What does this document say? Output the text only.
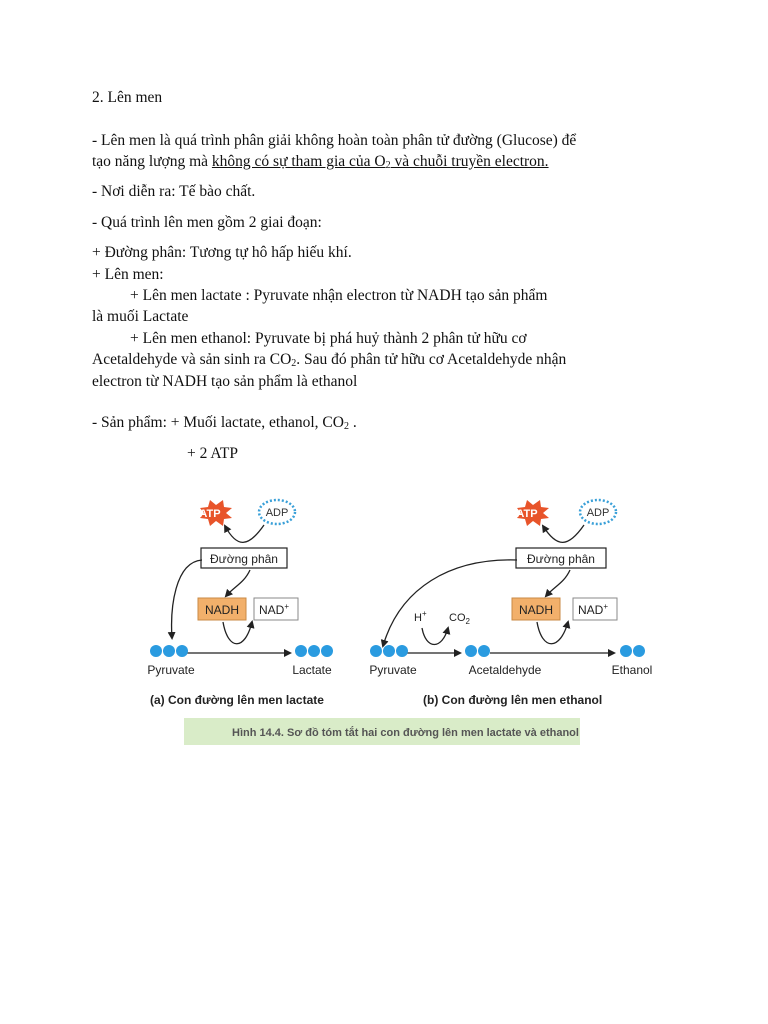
2. Lên men
- Lên men là quá trình phân giải không hoàn toàn phân tử đường (Glucose) để
tạo năng lượng mà không có sự tham gia của $O_2$ và chuỗi truyền electron.
- Nơi diễn ra: Tế bào chất.
- Quá trình lên men gồm 2 giai đoạn:
+ Đường phân: Tương tự hô hấp hiếu khí.
+ Lên men:
+ Lên men lactate : Pyruvate nhận electron từ NADH tạo sản phẩm
là muối Lactate
+ Lên men ethanol: Pyruvate bị phá huỷ thành 2 phân tử hữu cơ
Acetaldehyde và sản sinh ra $CO_2$. Sau đó phân tử hữu cơ Acetaldehyde nhận
electron từ NADH tạo sản phẩm là ethanol
- Sản phẩm: + Muối lactate, ethanol, $CO_2$ .
+ 2 ATP
ATP	ADP
Đường phân
NADH NAD+
Pyruvate	Lactate
(a) Con đường lên men lactate
ATP	ADP
Đường phân
H+ $CO_2$
NADH NAD+
Pyruvate	Acetaldehyde	Ethanol
(b) Con đường lên men ethanol
Hình 14.4. Sơ đồ tóm tắt hai con đường lên men lactate và ethanol
